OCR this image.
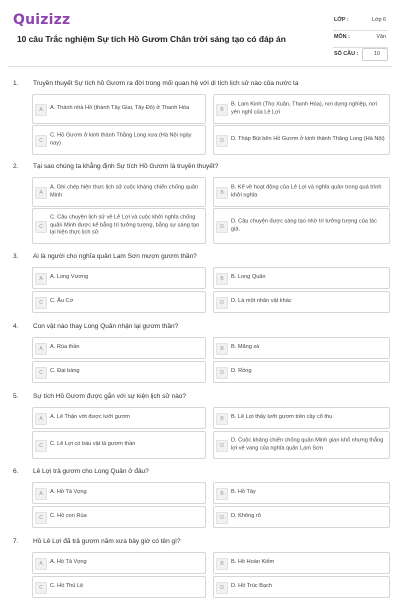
Quizizz
10 câu Trắc nghiệm Sự tích Hồ Gươm Chân trời sáng tạo có đáp án
LỚP :	Lớp 6
MÔN :	Văn
SỐ CÂU :	10
1. Truyền thuyết Sự tích hồ Gươm ra đời trong mối quan hệ với di tích lịch sử nào của nước ta
A	A. Thành nhà Hồ (thành Tây Giai, Tây Đô) ở Thanh Hóa	B
B. Lam Kinh (Thọ Xuân, Thanh Hóa), nơi dựng nghiệp, nơi yên nghỉ của Lê Lợi
C
C. Hồ Gươm ở kinh thành Thăng Long xưa (Hà Nội ngày nay)	D	D. Tháp Bút bên Hồ Gươm ở kinh thành Thăng Long (Hà Nội)
2. Tại sao chúng ta khẳng định Sự tích Hồ Gươm là truyền thuyết?
A
A. Ghi chép hiện thực lịch sử cuộc kháng chiến chống quân Minh	B
B. Kể về hoạt động của Lê Lợi và nghĩa quân trong quá trình khởi nghĩa
C
C. Câu chuyện lịch sử về Lê Lợi và cuộc khởi nghĩa chống quân Minh được kể bằng trí tưởng tượng, bằng sự sáng tạo lại hiện thực lịch sử
D
D. Câu chuyện được sáng tạo nhờ trí tưởng tượng của tác giả.
3. Ai là người cho nghĩa quân Lam Sơn mượn gươm thần?
A	A. Long Vương	B	B. Long Quân
C	C. Âu Cơ	D	D. Là một nhân vật khác
4. Con vật nào thay Long Quân nhận lại gươm thần?
A	A. Rùa thần	B	B. Mãng xà
C	C. Đại bàng	D	D. Rồng
5. Sự tích Hồ Gươm được gắn với sự kiện lịch sử nào?
A	A. Lê Thận vớt được lưỡi gươm	B	B. Lê Lợi thấy lưỡi gươm trên cây cổ thụ
C	C. Lê Lợi có báu vật là gươm thần	D
D. Cuộc kháng chiến chống quân Minh gian khổ nhưng thắng lợi vẻ vang của nghĩa quân Lam Sơn
6. Lê Lợi trả gươm cho Long Quân ở đâu?
A	A. Hồ Tả Vọng	B	B. Hồ Tây
C	C. Hồ con Rùa	D	D. Không rõ
7. Hồ Lê Lợi đã trả gươm năm xưa bây giờ có tên gì?
A	A. Hồ Tả Vọng	B	B. Hồ Hoàn Kiếm
C	C. Hồ Thủ Lệ	D	D. Hồ Trúc Bạch
